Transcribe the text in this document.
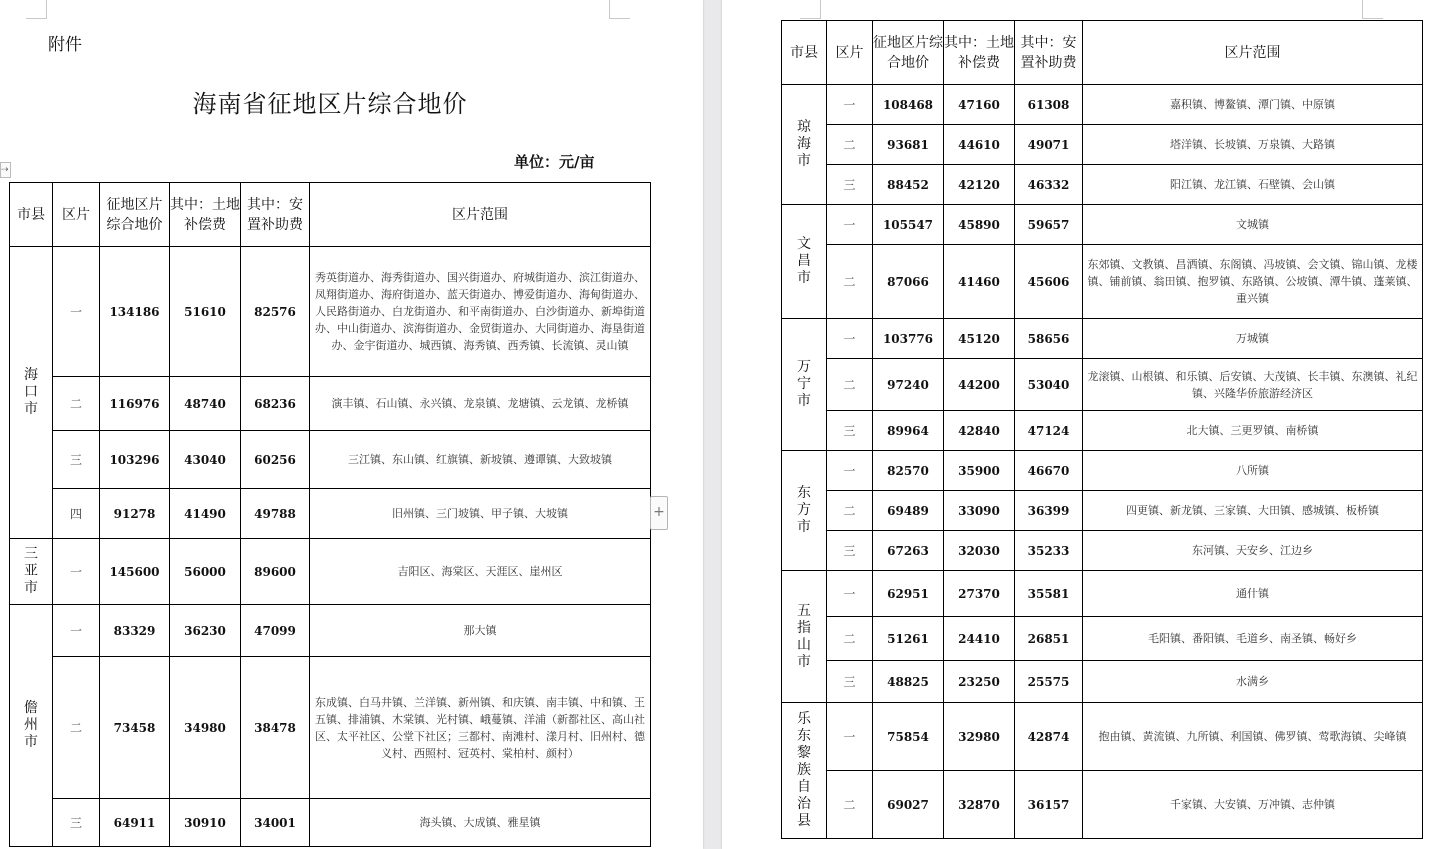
附件
海南省征地区片综合地价
单位：元/亩
⇢
市县	区片	征地区片综合地价	其中：土地补偿费	其中：安置补助费	区片范围
海口市	一	134186	51610	82576	秀英街道办、海秀街道办、国兴街道办、府城街道办、滨江街道办、凤翔街道办、海府街道办、蓝天街道办、博爱街道办、海甸街道办、人民路街道办、白龙街道办、和平南街道办、白沙街道办、新埠街道办、中山街道办、滨海街道办、金贸街道办、大同街道办、海垦街道办、金宇街道办、城西镇、海秀镇、西秀镇、长流镇、灵山镇
	二	116976	48740	68236	演丰镇、石山镇、永兴镇、龙泉镇、龙塘镇、云龙镇、龙桥镇
	三	103296	43040	60256	三江镇、东山镇、红旗镇、新坡镇、遵谭镇、大致坡镇
	四	91278	41490	49788	旧州镇、三门坡镇、甲子镇、大坡镇
三亚市	一	145600	56000	89600	吉阳区、海棠区、天涯区、崖州区
儋州市	一	83329	36230	47099	那大镇
	二	73458	34980	38478	东成镇、白马井镇、兰洋镇、新州镇、和庆镇、南丰镇、中和镇、王五镇、排浦镇、木棠镇、光村镇、峨蔓镇、洋浦（新都社区、高山社区、太平社区、公堂下社区；三都村、南滩村、漾月村、旧州村、德义村、西照村、冠英村、棠柏村、颜村）
	三	64911	30910	34001	海头镇、大成镇、雅星镇
+
市县	区片	征地区片综合地价	其中：土地补偿费	其中：安置补助费	区片范围
琼海市	一	108468	47160	61308	嘉积镇、博鳌镇、潭门镇、中原镇
	二	93681	44610	49071	塔洋镇、长坡镇、万泉镇、大路镇
	三	88452	42120	46332	阳江镇、龙江镇、石壁镇、会山镇
文昌市	一	105547	45890	59657	文城镇
	二	87066	41460	45606	东郊镇、文教镇、昌洒镇、东阁镇、冯坡镇、会文镇、锦山镇、龙楼镇、铺前镇、翁田镇、抱罗镇、东路镇、公坡镇、潭牛镇、蓬莱镇、重兴镇
万宁市	一	103776	45120	58656	万城镇
	二	97240	44200	53040	龙滚镇、山根镇、和乐镇、后安镇、大茂镇、长丰镇、东澳镇、礼纪镇、兴隆华侨旅游经济区
	三	89964	42840	47124	北大镇、三更罗镇、南桥镇
东方市	一	82570	35900	46670	八所镇
	二	69489	33090	36399	四更镇、新龙镇、三家镇、大田镇、感城镇、板桥镇
	三	67263	32030	35233	东河镇、天安乡、江边乡
五指山市	一	62951	27370	35581	通什镇
	二	51261	24410	26851	毛阳镇、番阳镇、毛道乡、南圣镇、畅好乡
	三	48825	23250	25575	水满乡
乐东黎族自治县	一	75854	32980	42874	抱由镇、黄流镇、九所镇、利国镇、佛罗镇、莺歌海镇、尖峰镇
	二	69027	32870	36157	千家镇、大安镇、万冲镇、志仲镇
